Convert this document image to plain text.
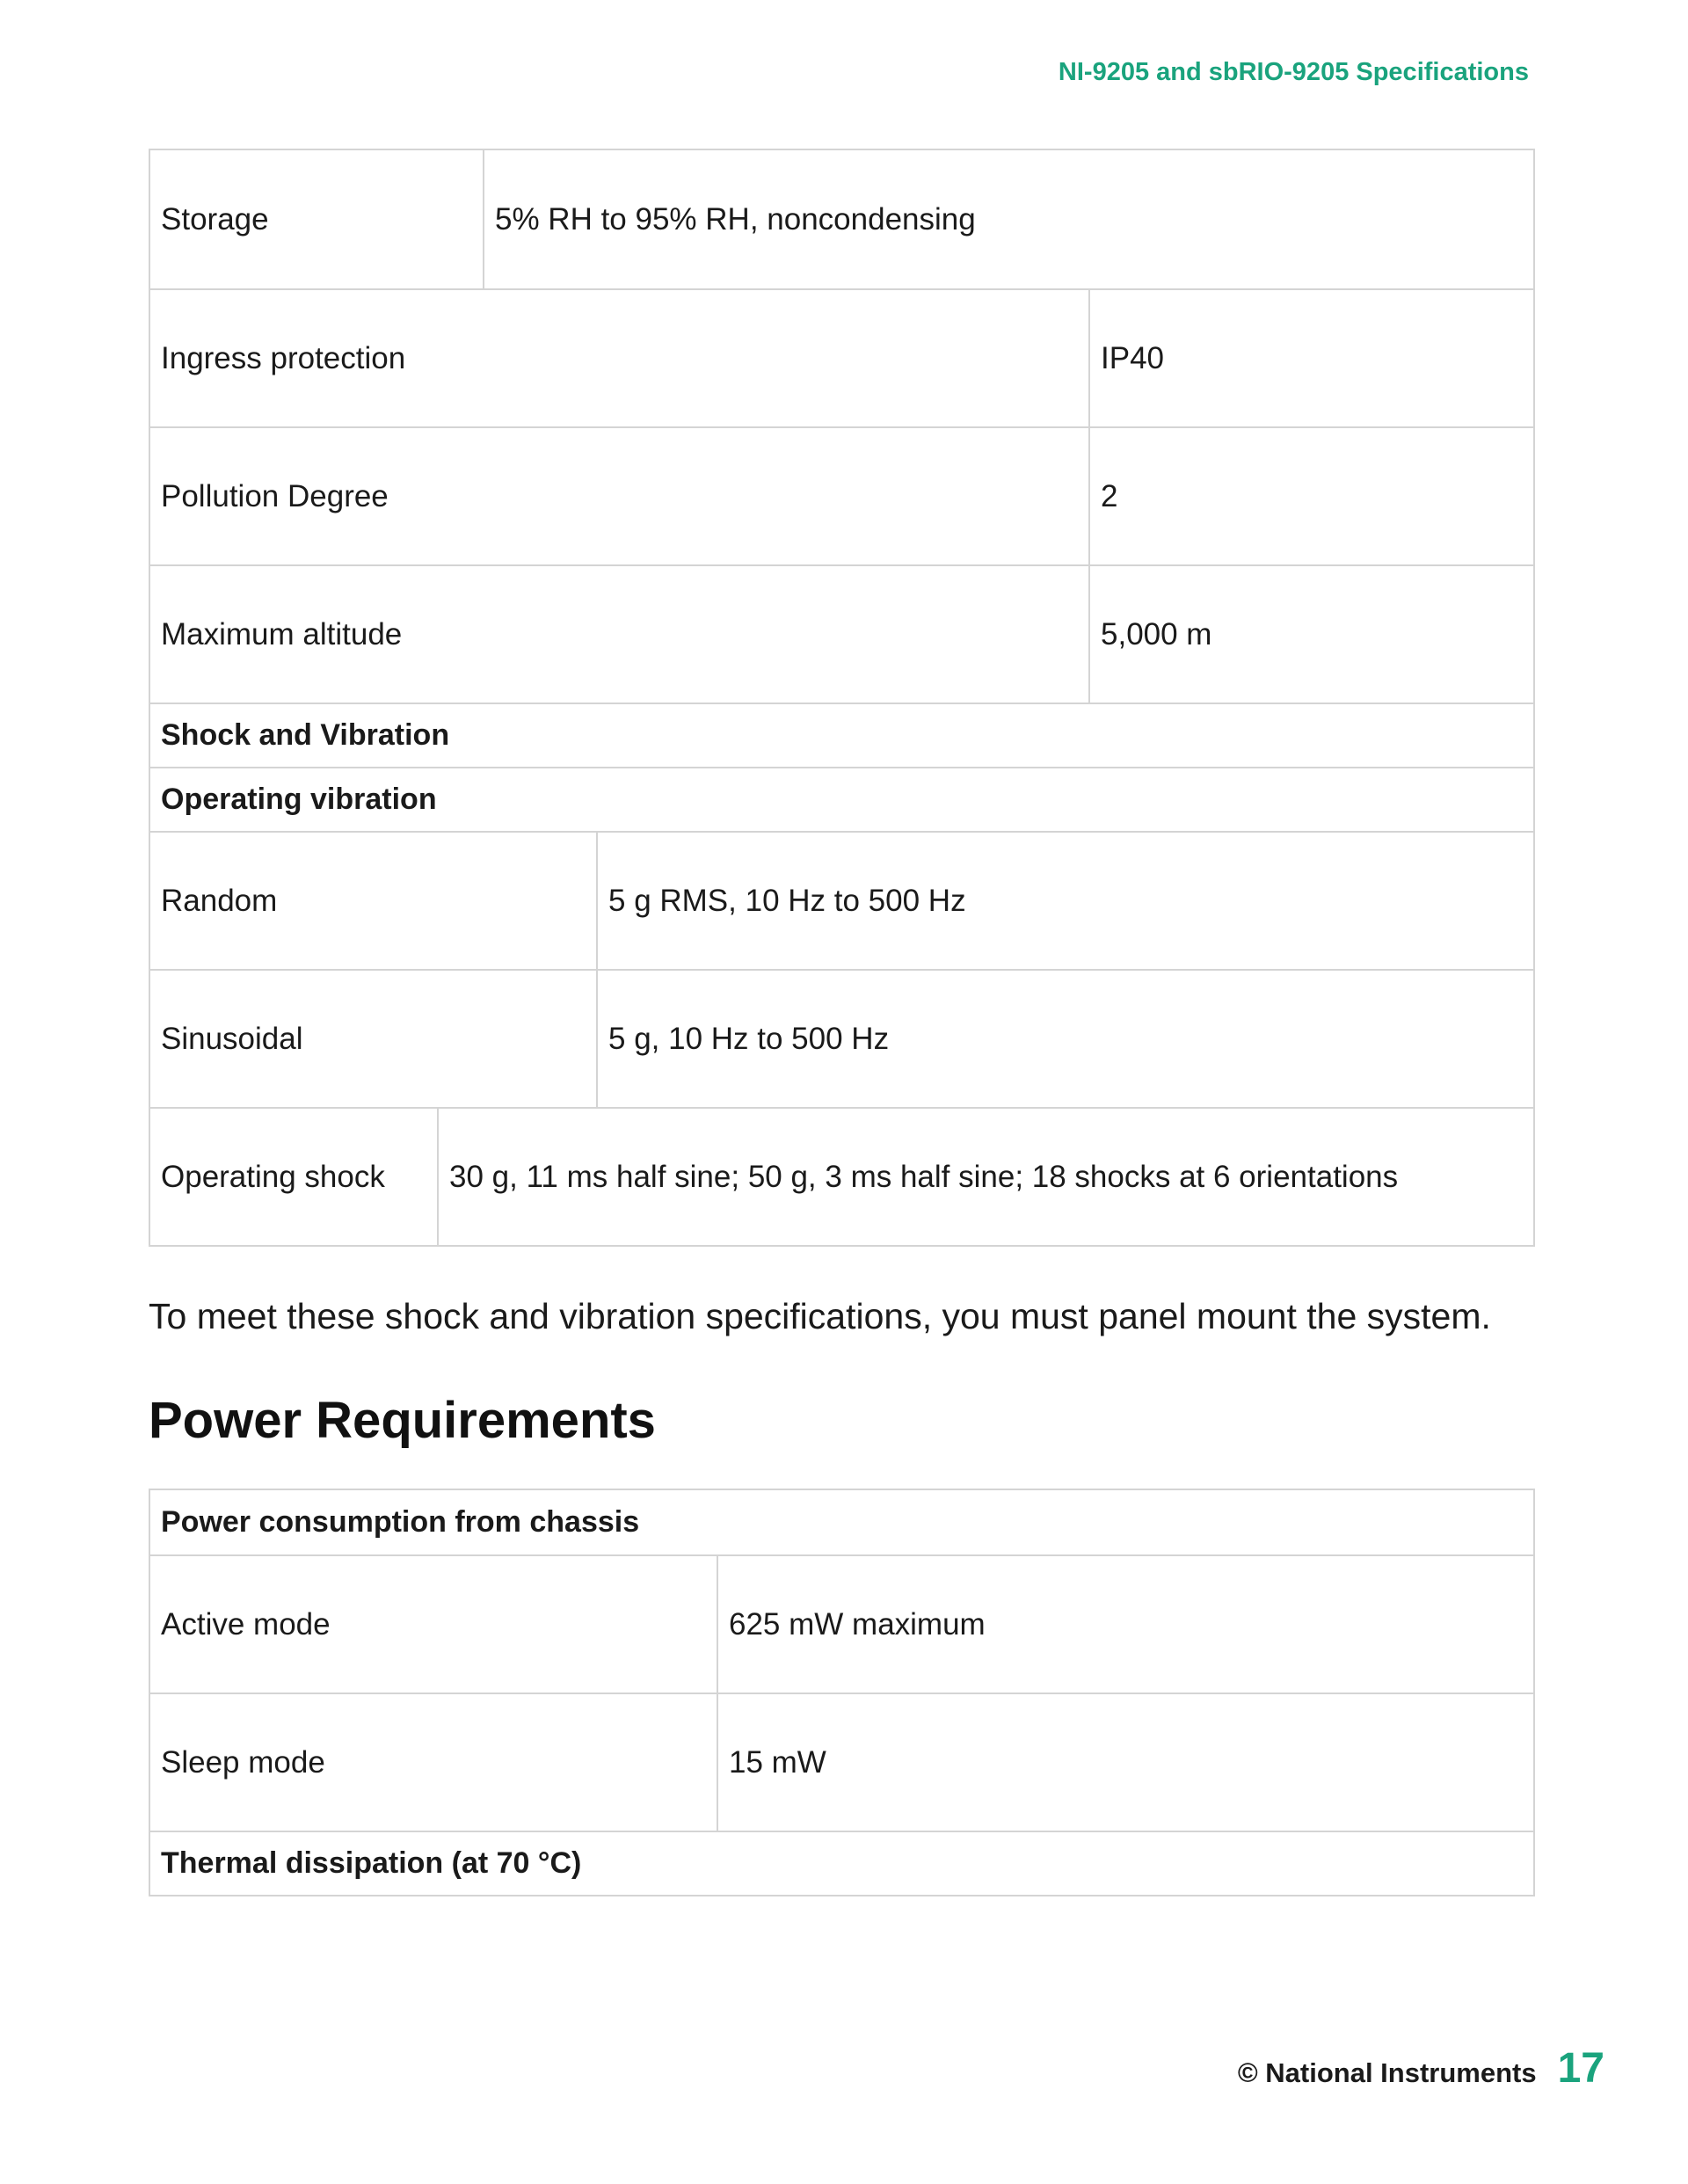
NI-9205 and sbRIO-9205 Specifications
Storage	5% RH to 95% RH, noncondensing
Ingress protection	IP40
Pollution Degree	2
Maximum altitude	5,000 m
Shock and Vibration
Operating vibration
Random	5 g RMS, 10 Hz to 500 Hz
Sinusoidal	5 g, 10 Hz to 500 Hz
Operating shock	30 g, 11 ms half sine; 50 g, 3 ms half sine; 18 shocks at 6 orientations
To meet these shock and vibration specifications, you must panel mount the system.
Power Requirements
Power consumption from chassis
Active mode	625 mW maximum
Sleep mode	15 mW
Thermal dissipation (at 70 °C)
© National Instruments 17
